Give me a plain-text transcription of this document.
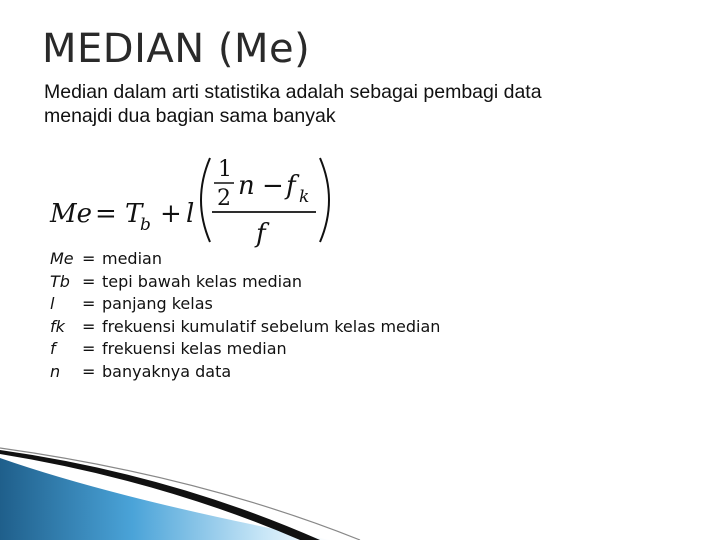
MEDIAN (Me)
Median dalam arti statistika adalah sebagai pembagi data
menajdi dua bagian sama banyak
Me = T
b + l
1
2 n − f k
f
Me = median
Tb = tepi bawah kelas median
l	= panjang kelas
fk	= frekuensi kumulatif sebelum kelas median
f	= frekuensi kelas median
n	= banyaknya data
